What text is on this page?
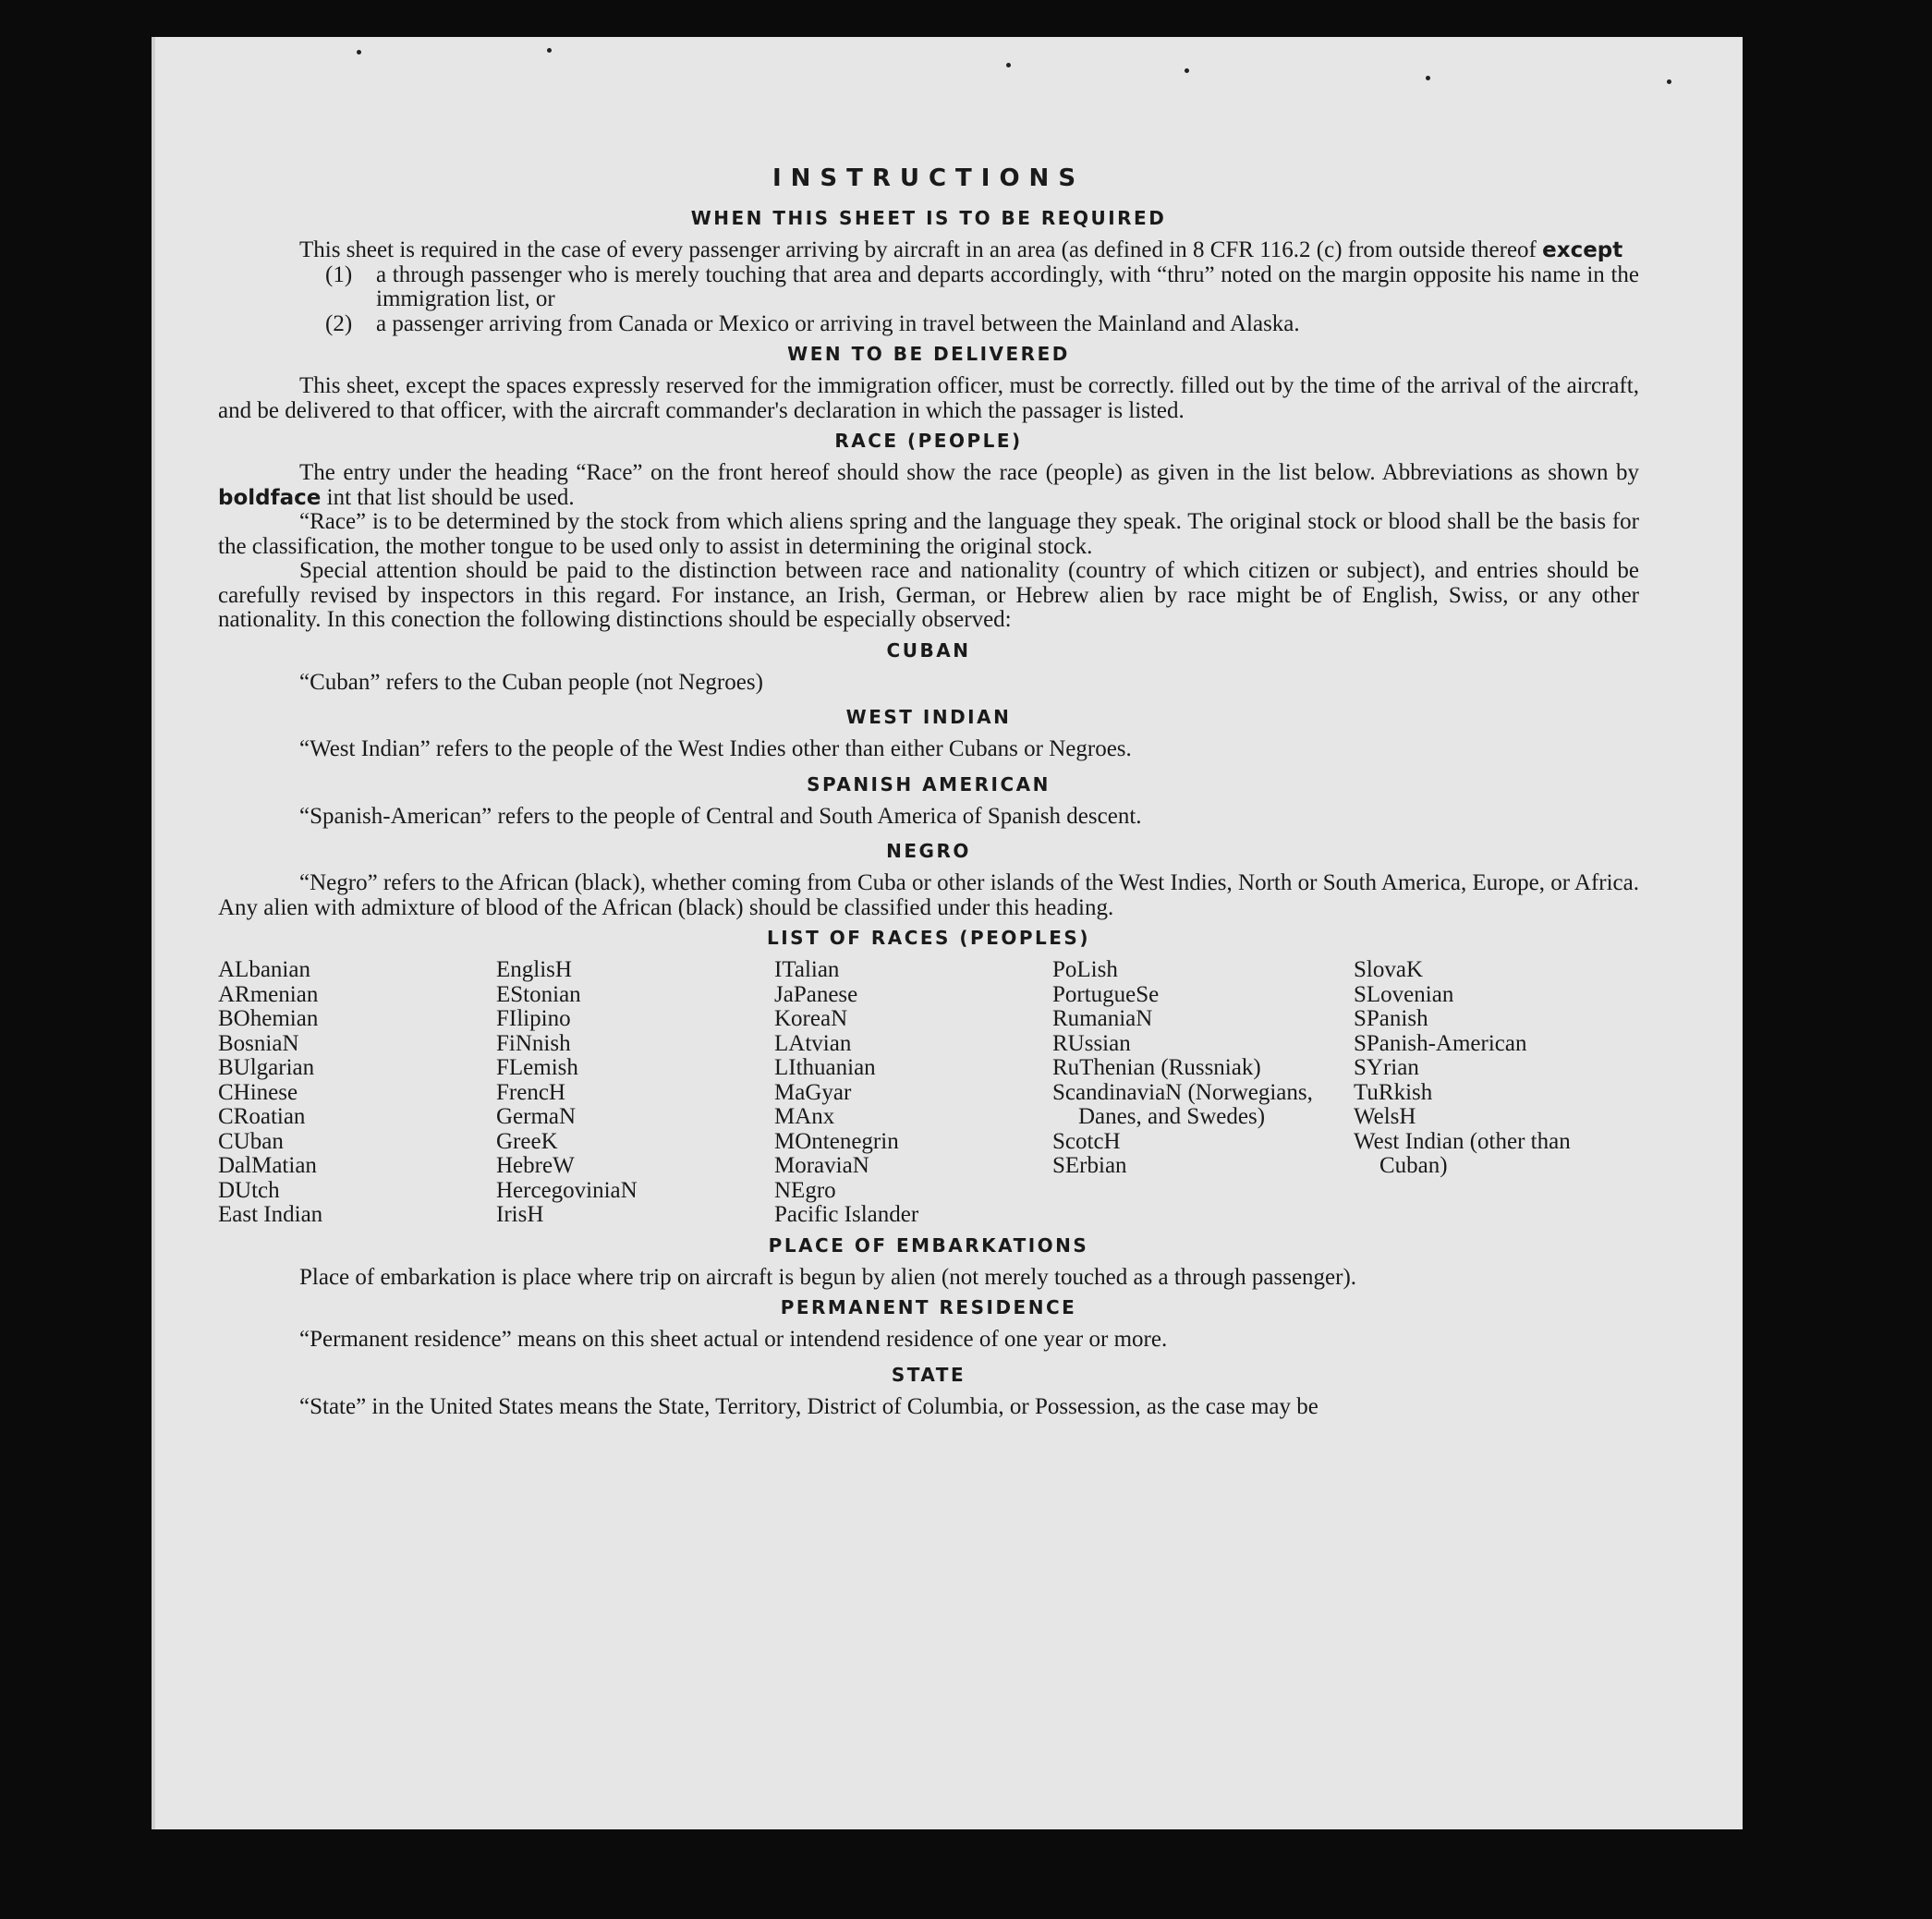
INSTRUCTIONS
WHEN THIS SHEET IS TO BE REQUIRED

This sheet is required in the case of every passenger arriving by aircraft in an area (as defined in 8 CFR 116.2 (c) from outside thereof except

(1)	a through passenger who is merely touching that area and departs accordingly, with “thru” noted on the margin opposite his name in the immigration list, or
(2)	a passenger arriving from Canada or Mexico or arriving in travel between the Mainland and Alaska.
WEN TO BE DELIVERED

This sheet, except the spaces expressly reserved for the immigration officer, must be correctly. filled out by the time of the arrival of the aircraft, and be delivered to that officer, with the aircraft commander's declaration in which the passager is listed.

RACE (PEOPLE)

The entry under the heading “Race” on the front hereof should show the race (people) as given in the list below. Abbreviations as shown by boldface int that list should be used.

“Race” is to be determined by the stock from which aliens spring and the language they speak. The original stock or blood shall be the basis for the classification, the mother tongue to be used only to assist in determining the original stock.

Special attention should be paid to the distinction between race and nationality (country of which citizen or subject), and entries should be carefully revised by inspectors in this regard. For instance, an Irish, German, or Hebrew alien by race might be of English, Swiss, or any other nationality. In this conection the following distinctions should be especially observed:

CUBAN

“Cuban” refers to the Cuban people (not Negroes)

WEST INDIAN

“West Indian” refers to the people of the West Indies other than either Cubans or Negroes.

SPANISH AMERICAN

“Spanish-American” refers to the people of Central and South America of Spanish descent.

NEGRO

“Negro” refers to the African (black), whether coming from Cuba or other islands of the West Indies, North or South America, Europe, or Africa. Any alien with admixture of blood of the African (black) should be classified under this heading.

LIST OF RACES (PEOPLES)
ALbanian
ARmenian
BOhemian
BosniaN
BUlgarian
CHinese
CRoatian
CUban
DalMatian
DUtch
East Indian
EnglisH
EStonian
FIlipino
FiNnish
FLemish
FrencH
GermaN
GreeK
HebreW
HercegovinіaN
IrisH
ITalian
JaPanese
KoreaN
LAtvian
LIthuanian
MaGyar
MAnx
MOntenegrin
MoraviaN
NEgro
Pacific Islander
PoLish
PortugueSe
RumaniaN
RUssian
RuThenian (Russniak)
ScandinaviaN (Norwegians, Danes, and Swedes)
ScotcH
SErbian
SlovaK
SLovenian
SPanish
SPanish-American
SYrian
TuRkish
WelsH
West Indian (other than Cuban)
PLACE OF EMBARKATIONS

Place of embarkation is place where trip on aircraft is begun by alien (not merely touched as a through passenger).

PERMANENT RESIDENCE

“Permanent residence” means on this sheet actual or intendend residence of one year or more.

STATE

“State” in the United States means the State, Territory, District of Columbia, or Possession, as the case may be
